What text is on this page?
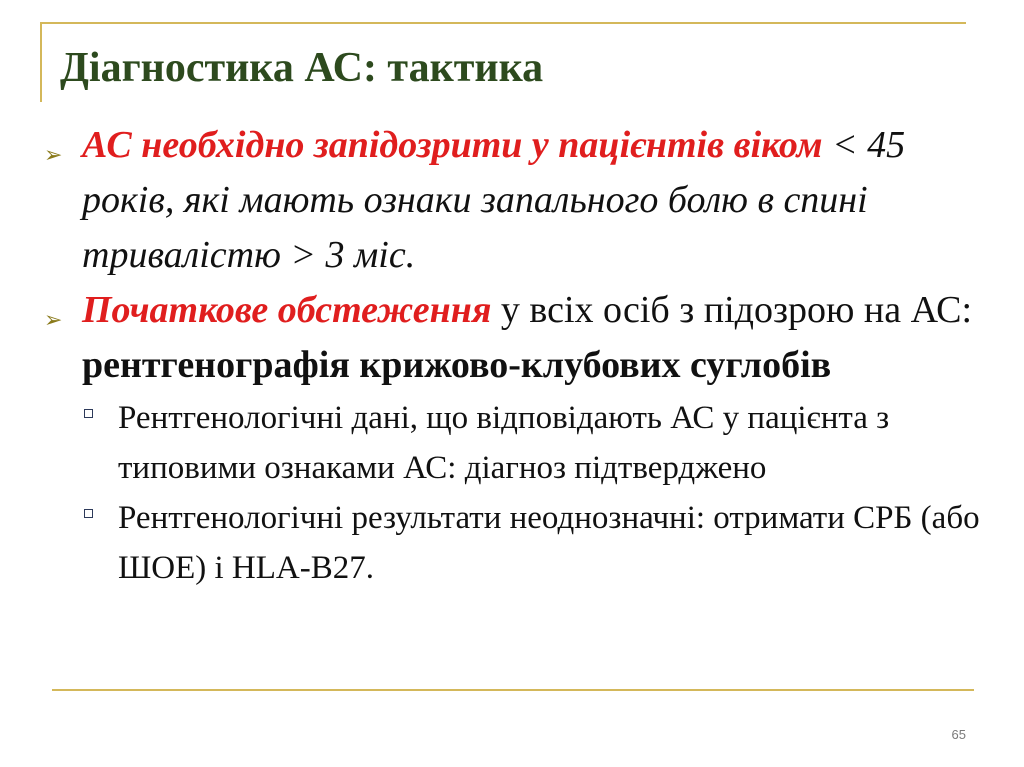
Діагностика АС: тактика
➢ АС необхідно запідозрити у пацієнтів віком < 45 років, які мають ознаки запального болю в спині тривалістю > 3 міс.
➢ Початкове обстеження у всіх осіб з підозрою на АС: рентгенографія крижово-клубових суглобів
Рентгенологічні дані, що відповідають АС у пацієнта з типовими ознаками АС: діагноз підтверджено
Рентгенологічні результати неоднозначні: отримати СРБ (або ШОЕ) і HLA-B27.
65
